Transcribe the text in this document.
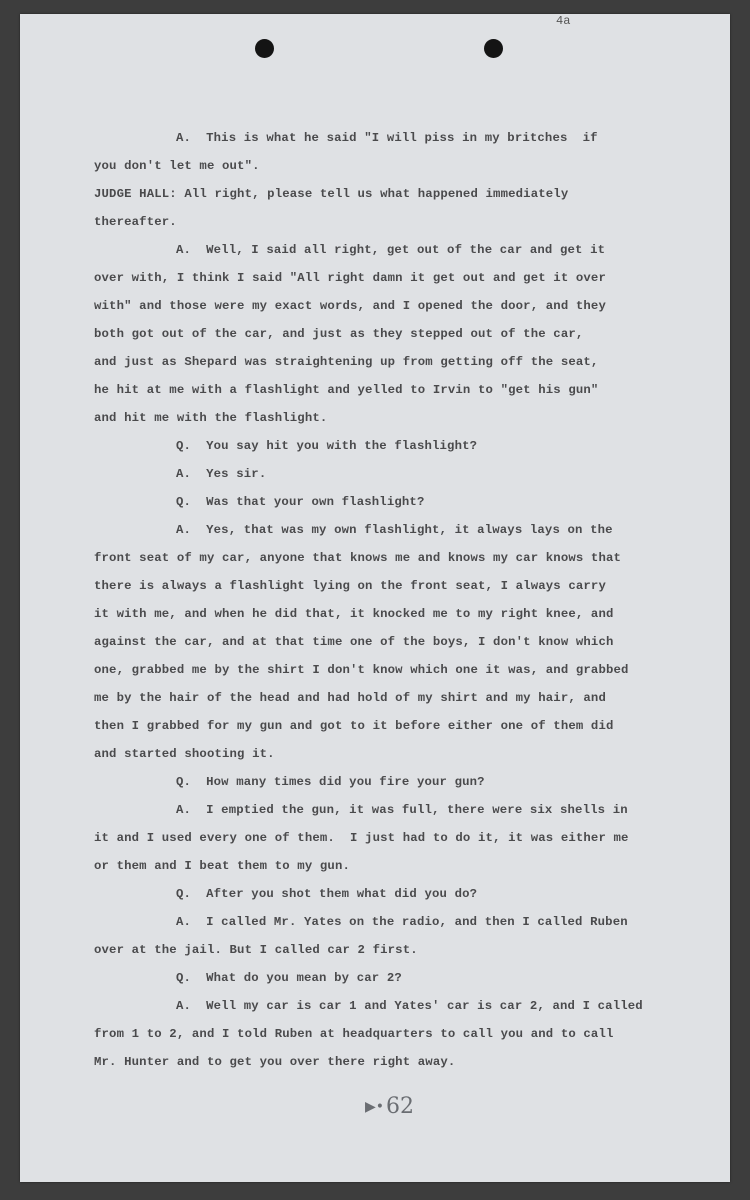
4a
A.  This is what he said "I will piss in my britches  if
you don't let me out".
JUDGE HALL: All right, please tell us what happened immediately
thereafter.
A.  Well, I said all right, get out of the car and get it
over with, I think I said "All right damn it get out and get it over
with" and those were my exact words, and I opened the door, and they
both got out of the car, and just as they stepped out of the car,
and just as Shepard was straightening up from getting off the seat,
he hit at me with a flashlight and yelled to Irvin to "get his gun"
and hit me with the flashlight.
Q.  You say hit you with the flashlight?
A.  Yes sir.
Q.  Was that your own flashlight?
A.  Yes, that was my own flashlight, it always lays on the
front seat of my car, anyone that knows me and knows my car knows that
there is always a flashlight lying on the front seat, I always carry
it with me, and when he did that, it knocked me to my right knee, and
against the car, and at that time one of the boys, I don't know which
one, grabbed me by the shirt I don't know which one it was, and grabbed
me by the hair of the head and had hold of my shirt and my hair, and
then I grabbed for my gun and got to it before either one of them did
and started shooting it.
Q.  How many times did you fire your gun?
A.  I emptied the gun, it was full, there were six shells in
it and I used every one of them.  I just had to do it, it was either me
or them and I beat them to my gun.
Q.  After you shot them what did you do?
A.  I called Mr. Yates on the radio, and then I called Ruben
over at the jail. But I called car 2 first.
Q.  What do you mean by car 2?
A.  Well my car is car 1 and Yates' car is car 2, and I called
from 1 to 2, and I told Ruben at headquarters to call you and to call
Mr. Hunter and to get you over there right away.
▶•62
